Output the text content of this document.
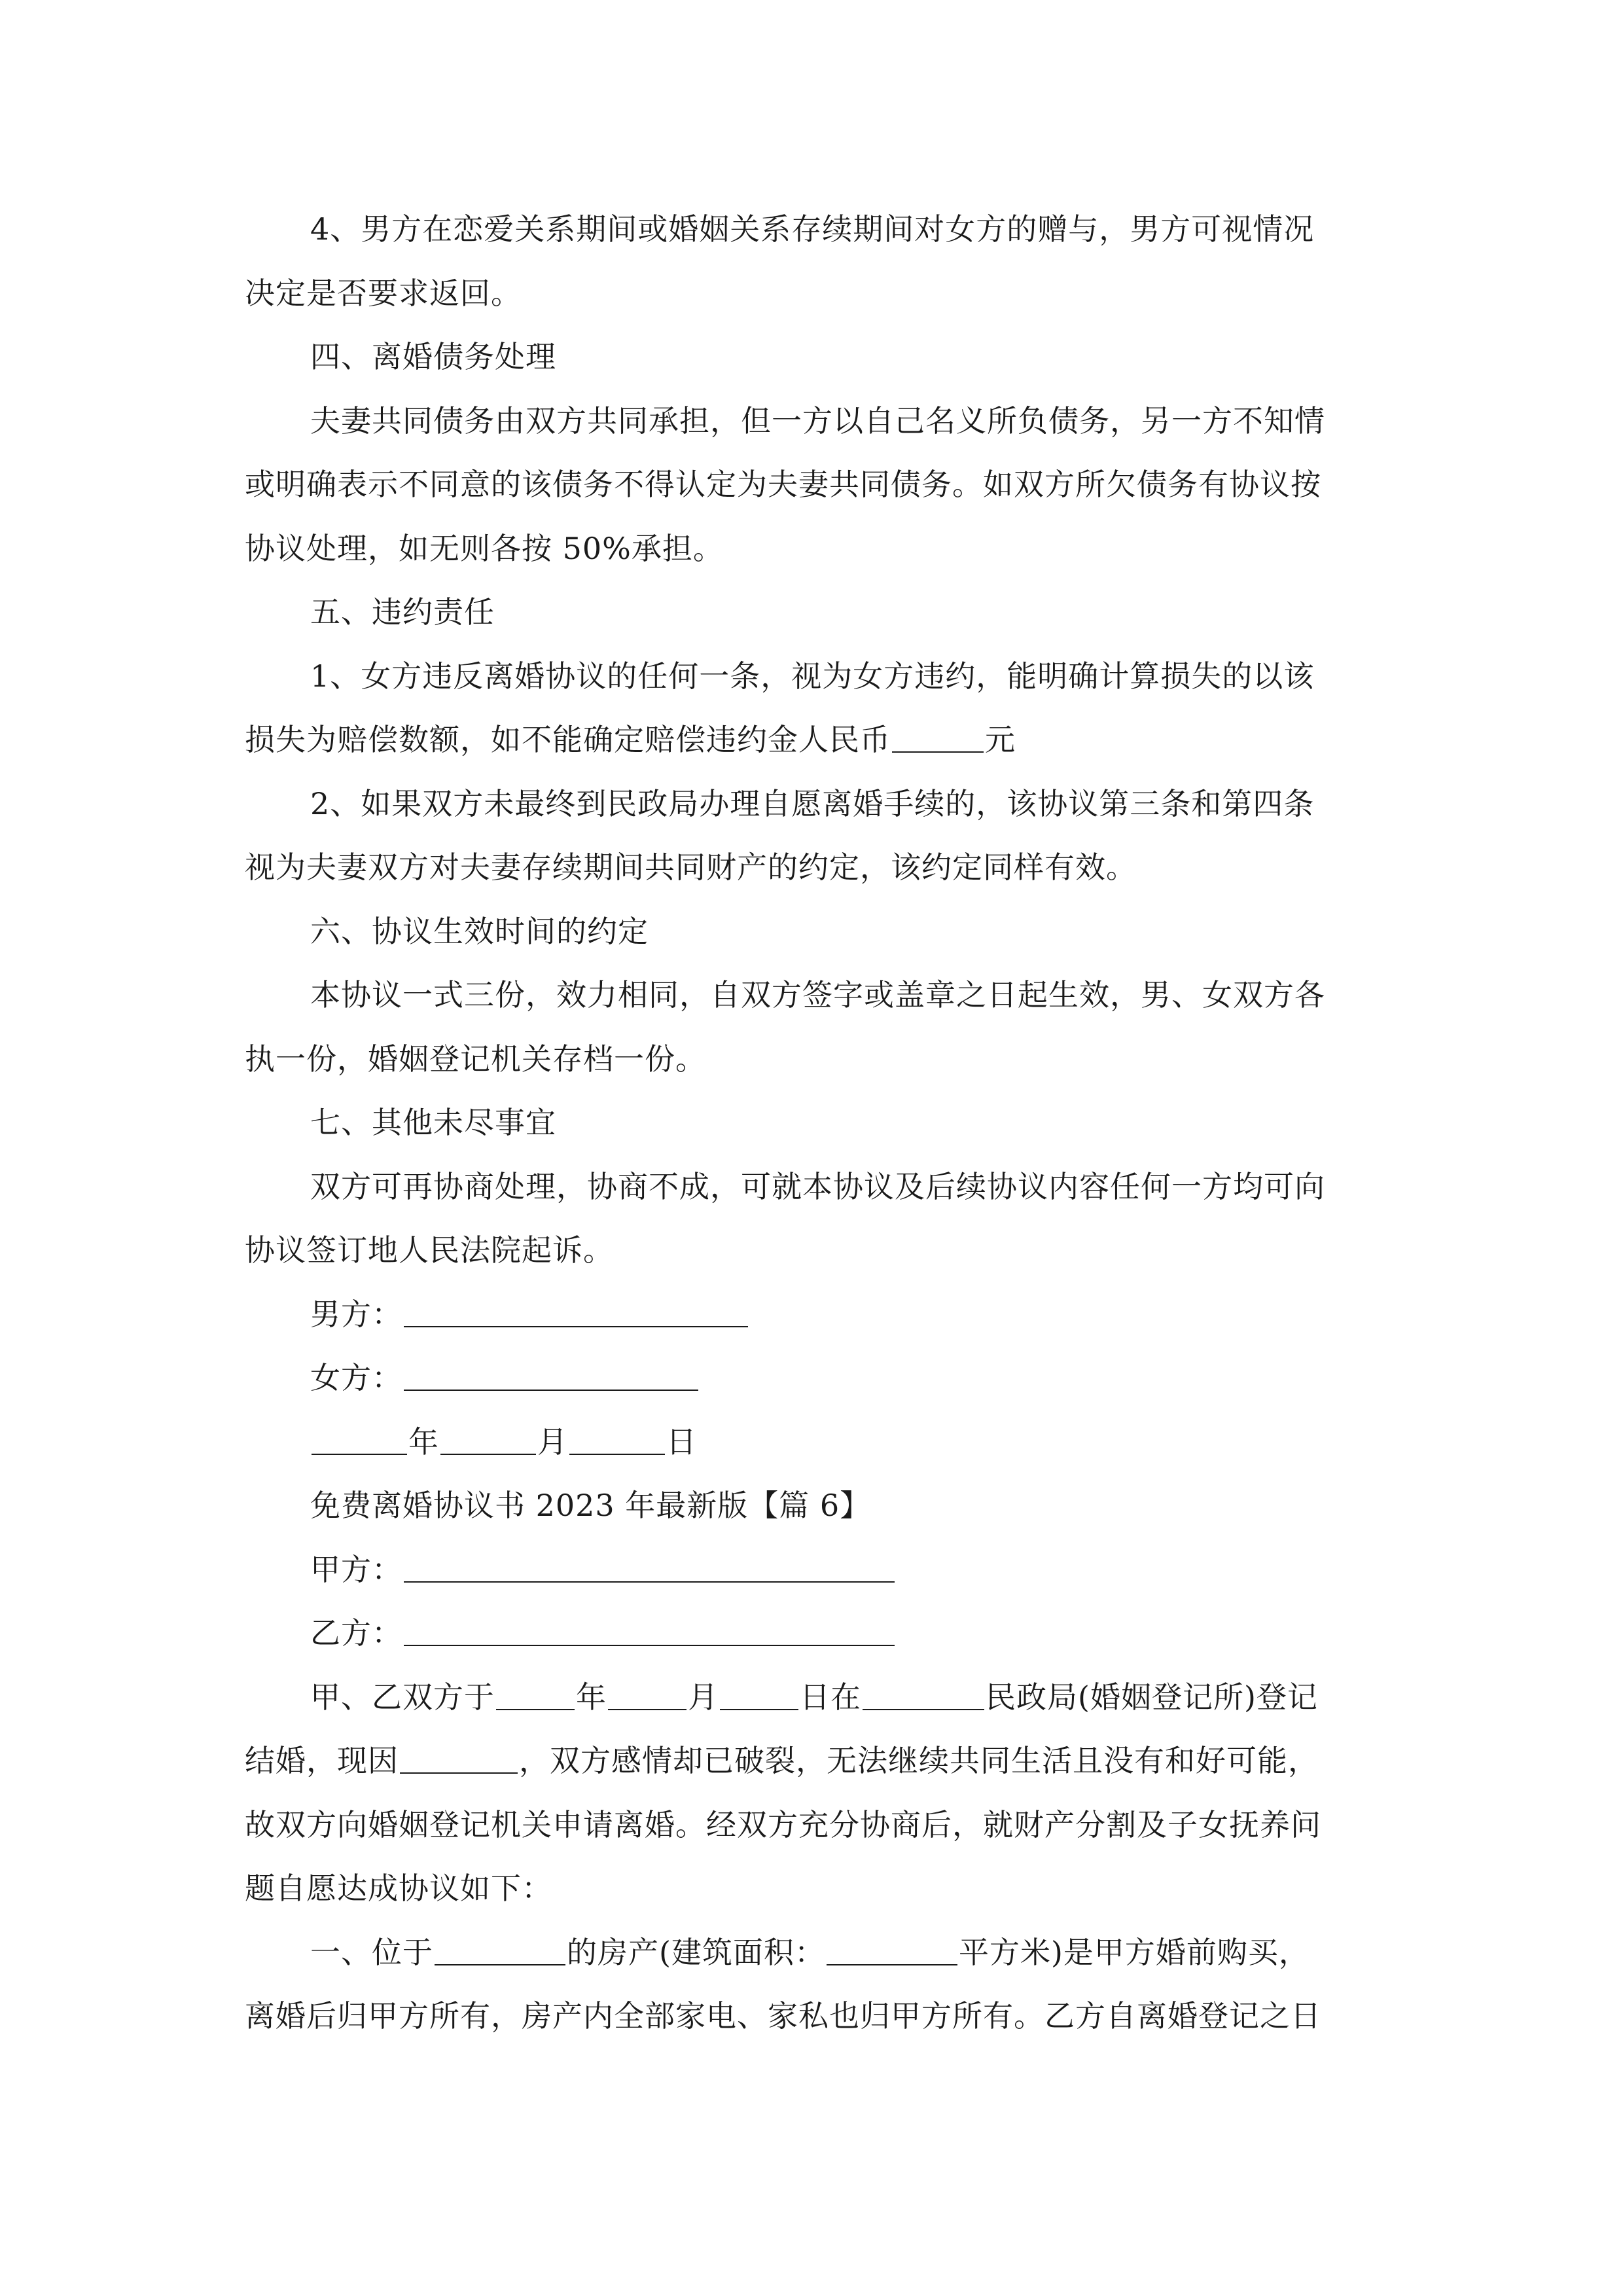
4、男方在恋爱关系期间或婚姻关系存续期间对女方的赠与，男方可视情况
决定是否要求返回。
四、离婚债务处理
夫妻共同债务由双方共同承担，但一方以自己名义所负债务，另一方不知情
或明确表示不同意的该债务不得认定为夫妻共同债务。如双方所欠债务有协议按
协议处理，如无则各按 50%承担。
五、违约责任
1、女方违反离婚协议的任何一条，视为女方违约，能明确计算损失的以该
损失为赔偿数额，如不能确定赔偿违约金人民币	元
2、如果双方未最终到民政局办理自愿离婚手续的，该协议第三条和第四条
视为夫妻双方对夫妻存续期间共同财产的约定，该约定同样有效。
六、协议生效时间的约定
本协议一式三份，效力相同，自双方签字或盖章之日起生效，男、女双方各
执一份，婚姻登记机关存档一份。
七、其他未尽事宜
双方可再协商处理，协商不成，可就本协议及后续协议内容任何一方均可向
协议签订地人民法院起诉。
男方：
女方：
年	月	日
免费离婚协议书 2023 年最新版【篇 6】
甲方：
乙方：
甲、乙双方于	年	月	日在	民政局(婚姻登记所)登记
结婚，现因	，双方感情却已破裂，无法继续共同生活且没有和好可能，
故双方向婚姻登记机关申请离婚。经双方充分协商后，就财产分割及子女抚养问
题自愿达成协议如下：
一、位于	的房产(建筑面积：	平方米)是甲方婚前购买，
离婚后归甲方所有，房产内全部家电、家私也归甲方所有。乙方自离婚登记之日
